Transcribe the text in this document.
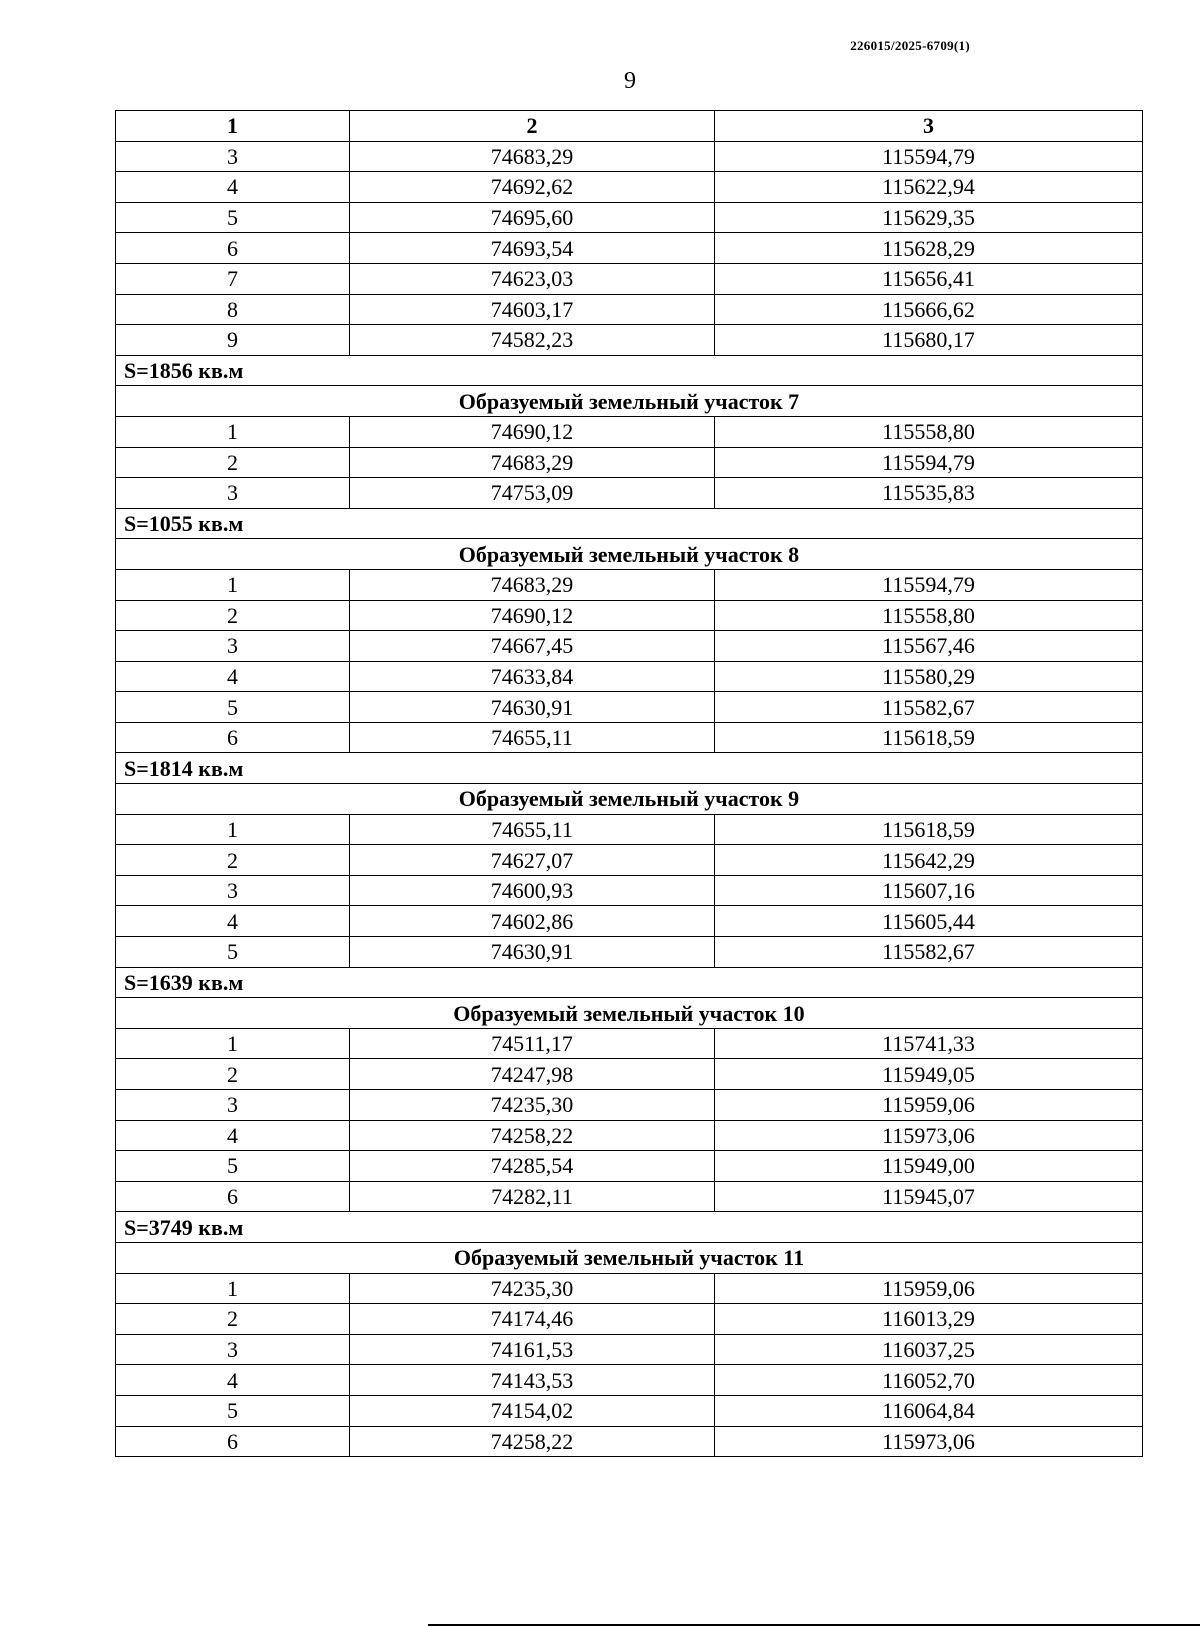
226015/2025-6709(1)
9
1	2	3
3	74683,29	115594,79
4	74692,62	115622,94
5	74695,60	115629,35
6	74693,54	115628,29
7	74623,03	115656,41
8	74603,17	115666,62
9	74582,23	115680,17
S=1856 кв.м		
Образуемый земельный участок 7		
1	74690,12	115558,80
2	74683,29	115594,79
3	74753,09	115535,83
S=1055 кв.м		
Образуемый земельный участок 8		
1	74683,29	115594,79
2	74690,12	115558,80
3	74667,45	115567,46
4	74633,84	115580,29
5	74630,91	115582,67
6	74655,11	115618,59
S=1814 кв.м		
Образуемый земельный участок 9		
1	74655,11	115618,59
2	74627,07	115642,29
3	74600,93	115607,16
4	74602,86	115605,44
5	74630,91	115582,67
S=1639 кв.м		
Образуемый земельный участок 10		
1	74511,17	115741,33
2	74247,98	115949,05
3	74235,30	115959,06
4	74258,22	115973,06
5	74285,54	115949,00
6	74282,11	115945,07
S=3749 кв.м		
Образуемый земельный участок 11		
1	74235,30	115959,06
2	74174,46	116013,29
3	74161,53	116037,25
4	74143,53	116052,70
5	74154,02	116064,84
6	74258,22	115973,06
